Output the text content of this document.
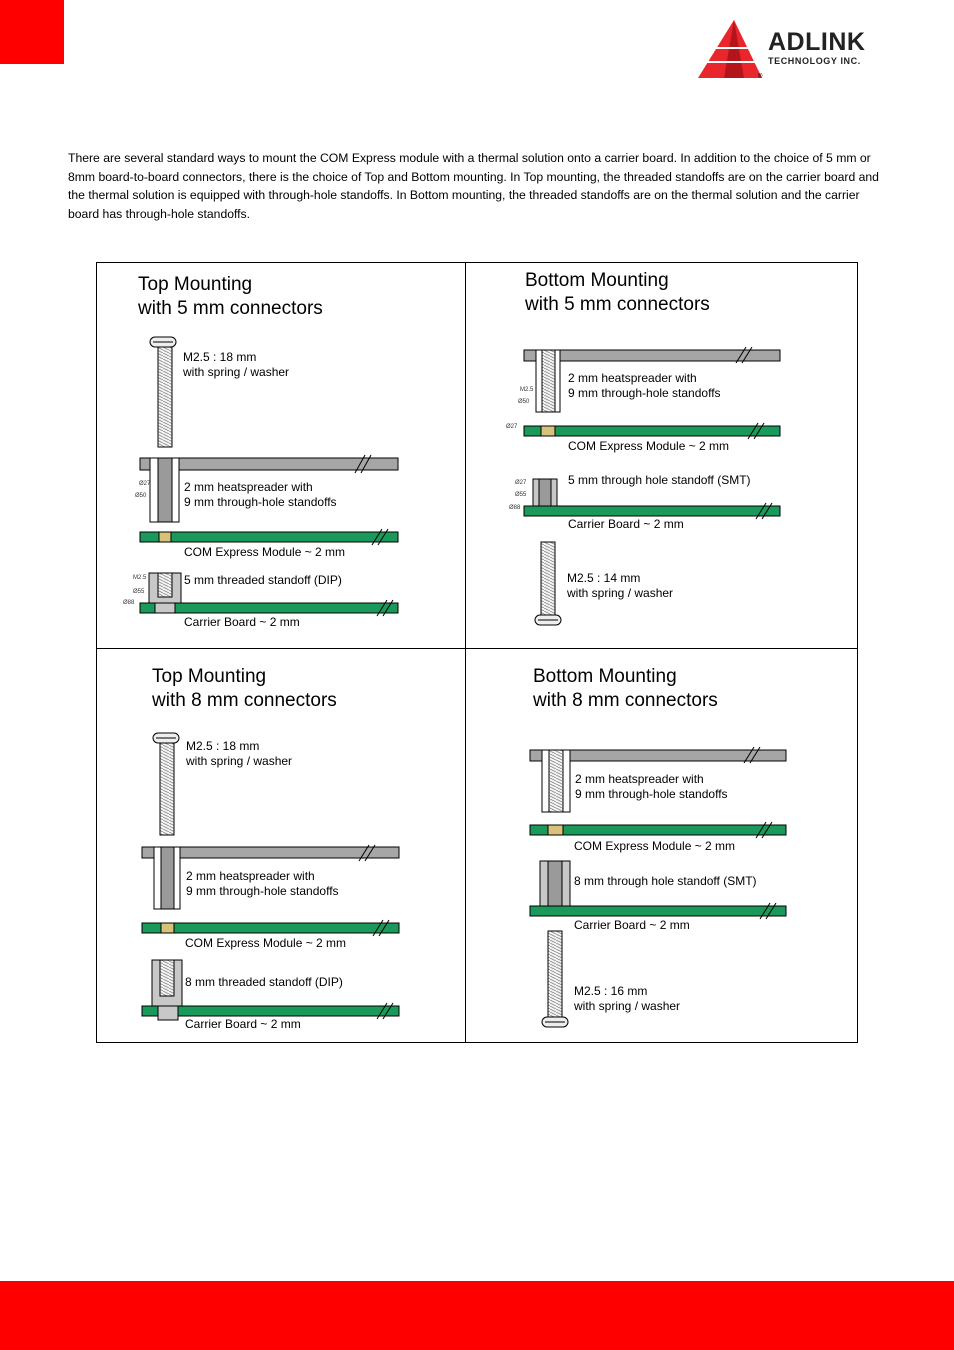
ADLINK
TECHNOLOGY INC.
®
There are several standard ways to mount the COM Express module with a thermal solution onto a carrier board. In addition to the choice of 5 mm or 8mm board-to-board connectors, there is the choice of Top and Bottom mounting. In Top mounting, the threaded standoffs are on the carrier board and the thermal solution is equipped with through-hole standoffs. In Bottom mounting, the threaded standoffs are on the thermal solution and the carrier board has through-hole standoffs.
Top Mounting
with 5 mm connectors
M2.5 : 18 mm
with spring / washer
2 mm heatspreader with
9 mm through-hole standoffs
COM Express Module ~ 2 mm
5 mm threaded standoff (DIP)
Carrier Board ~ 2 mm
Ø27
Ø50
M2.5
Ø55
Ø88
Bottom Mounting
with 5 mm connectors
2 mm heatspreader with
9 mm through-hole standoffs
COM Express Module ~ 2 mm
5 mm through hole standoff (SMT)
Carrier Board ~ 2 mm
M2.5 : 14 mm
with spring / washer
M2.5
Ø50
Ø27
Ø27
Ø55
Ø88
Top Mounting
with 8 mm connectors
M2.5 : 18 mm
with spring / washer
2 mm heatspreader with
9 mm through-hole standoffs
COM Express Module ~ 2 mm
8 mm threaded standoff (DIP)
Carrier Board ~ 2 mm
Bottom Mounting
with 8 mm connectors
2 mm heatspreader with
9 mm through-hole standoffs
COM Express Module ~ 2 mm
8 mm through hole standoff (SMT)
Carrier Board ~ 2 mm
M2.5 : 16 mm
with spring / washer
